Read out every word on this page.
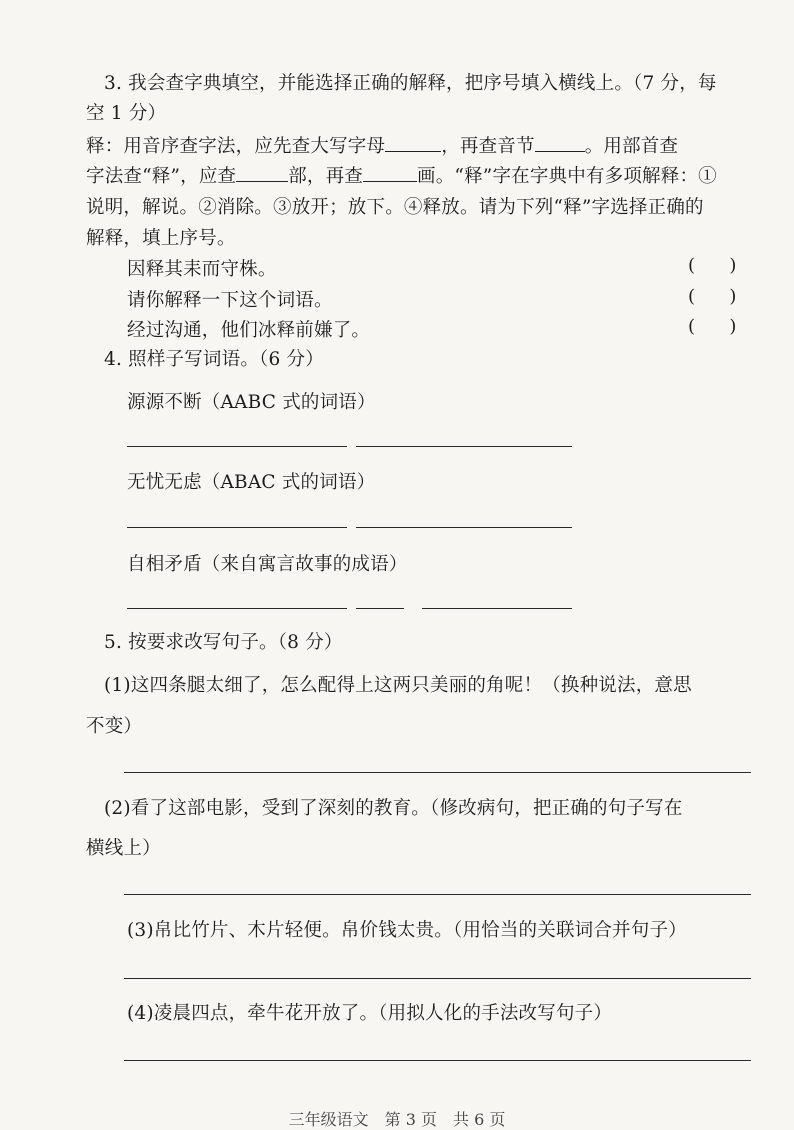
3. 我会查字典填空，并能选择正确的解释，把序号填入横线上。（7 分，每
空 1 分）
释：用音序查字法，应先查大写字母	，再查音节	。用部首查
字法查“释”，应查	部，再查	画。“释”字在字典中有多项解释：①
说明，解说。②消除。③放开；放下。④释放。请为下列“释”字选择正确的
解释，填上序号。
因释其耒而守株。	(      )
请你解释一下这个词语。	(      )
经过沟通，他们冰释前嫌了。	(      )
4. 照样子写词语。（6 分）
源源不断（AABC 式的词语）
无忧无虑（ABAC 式的词语）
自相矛盾（来自寓言故事的成语）
5. 按要求改写句子。（8 分）
(1)这四条腿太细了，怎么配得上这两只美丽的角呢！（换种说法，意思
不变）
(2)看了这部电影，受到了深刻的教育。（修改病句，把正确的句子写在
横线上）
(3)帛比竹片、木片轻便。帛价钱太贵。（用恰当的关联词合并句子）
(4)凌晨四点，牵牛花开放了。（用拟人化的手法改写句子）
三年级语文　第 3 页　共 6 页
